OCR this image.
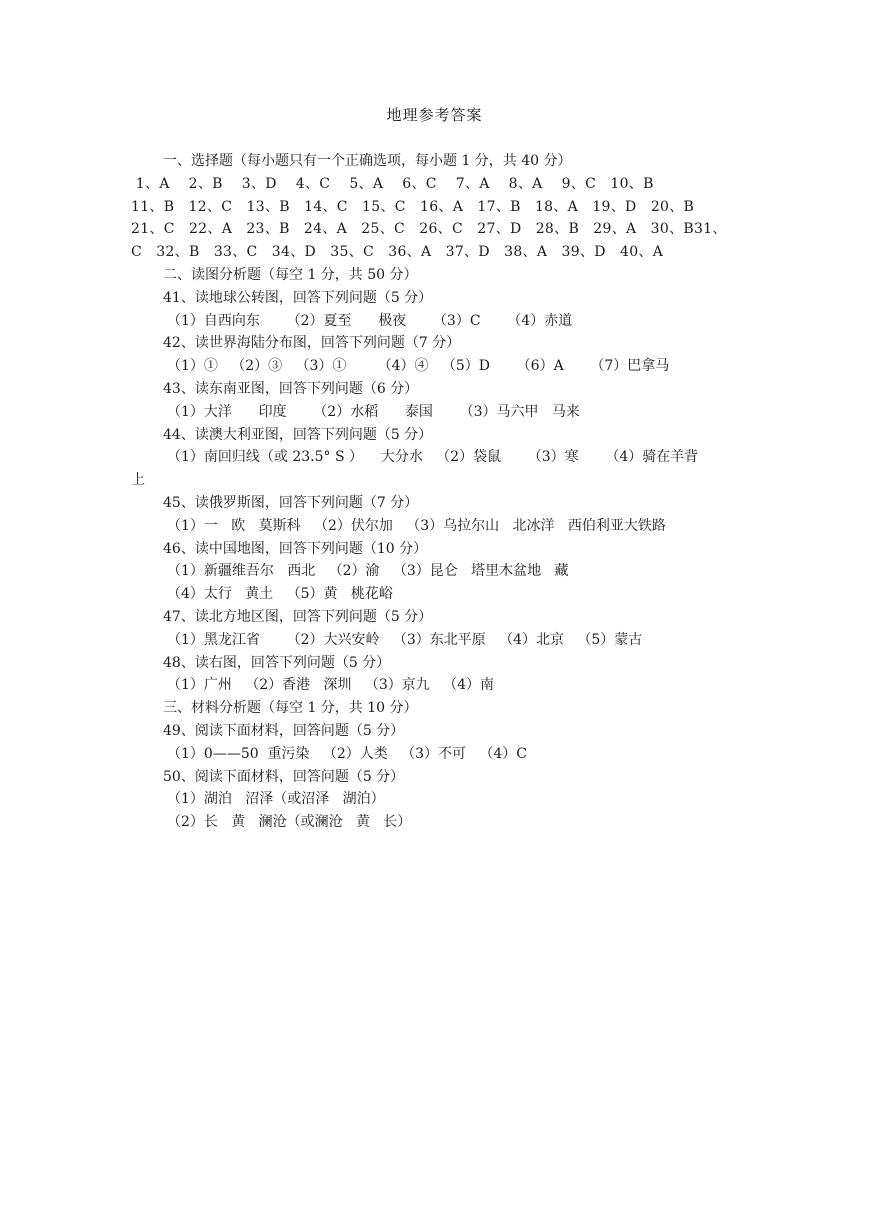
地理参考答案
一、选择题（每小题只有一个正确选项，每小题 1 分，共 40 分）
1、A    2、B    3、D    4、C    5、A    6、C    7、A    8、A    9、C   10、B
11、B   12、C   13、B   14、C   15、C   16、A   17、B   18、A   19、D   20、B
21、C   22、A   23、B   24、A   25、C   26、C   27、D   28、B   29、A   30、B31、
C   32、B   33、C   34、D   35、C   36、A   37、D   38、A   39、D   40、A
二、读图分析题（每空 1 分，共 50 分）
41、读地球公转图，回答下列问题（5 分）
（1）自西向东      （2）夏至      极夜      （3）C      （4）赤道
42、读世界海陆分布图，回答下列问题（7 分）
（1）①   （2）③   （3）①       （4）④   （5）D      （6）A      （7）巴拿马
43、读东南亚图，回答下列问题（6 分）
（1）大洋      印度      （2）水稻      泰国      （3）马六甲   马来
44、读澳大利亚图，回答下列问题（5 分）
（1）南回归线（或 23.5° S ）    大分水   （2）袋鼠      （3）寒      （4）骑在羊背
上
45、读俄罗斯图，回答下列问题（7 分）
（1）一   欧   莫斯科   （2）伏尔加   （3）乌拉尔山   北冰洋   西伯利亚大铁路
46、读中国地图，回答下列问题（10 分）
（1）新疆维吾尔   西北   （2）渝   （3）昆仑   塔里木盆地   藏
（4）太行   黄土   （5）黄   桃花峪
47、读北方地区图，回答下列问题（5 分）
（1）黑龙江省      （2）大兴安岭   （3）东北平原   （4）北京   （5）蒙古
48、读右图，回答下列问题（5 分）
（1）广州   （2）香港   深圳   （3）京九   （4）南
三、材料分析题（每空 1 分，共 10 分）
49、阅读下面材料，回答问题（5 分）
（1）0——50  重污染   （2）人类   （3）不可   （4）C
50、阅读下面材料，回答问题（5 分）
（1）湖泊   沼泽（或沼泽   湖泊）
（2）长   黄   澜沧（或澜沧   黄   长）
